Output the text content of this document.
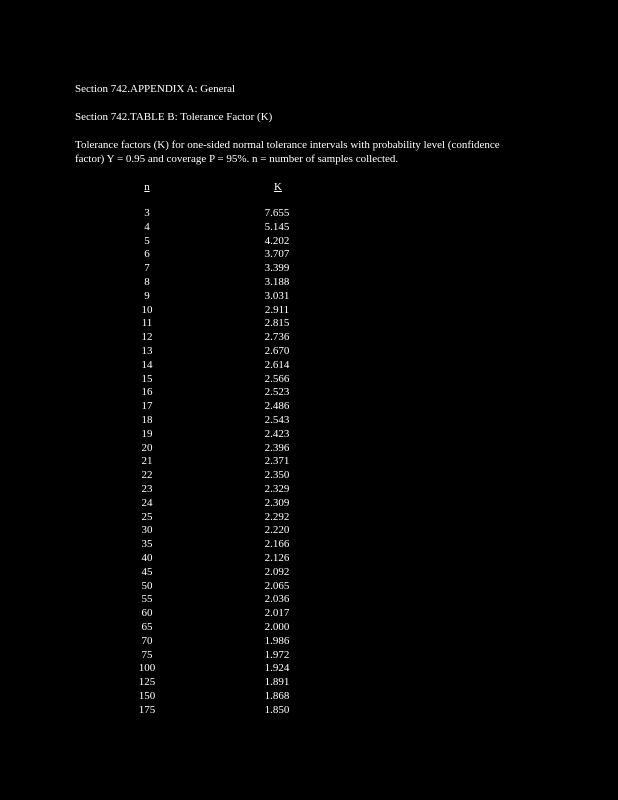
Section 742.APPENDIX A: General
Section 742.TABLE B: Tolerance Factor (K)
Tolerance factors (K) for one-sided normal tolerance intervals with probability level (confidence
factor) Y = 0.95 and coverage P = 95%. n = number of samples collected.
n	K
3	7.655
4	5.145
5	4.202
6	3.707
7	3.399
8	3.188
9	3.031
10	2.911
11	2.815
12	2.736
13	2.670
14	2.614
15	2.566
16	2.523
17	2.486
18	2.543
19	2.423
20	2.396
21	2.371
22	2.350
23	2.329
24	2.309
25	2.292
30	2.220
35	2.166
40	2.126
45	2.092
50	2.065
55	2.036
60	2.017
65	2.000
70	1.986
75	1.972
100	1.924
125	1.891
150	1.868
175	1.850
